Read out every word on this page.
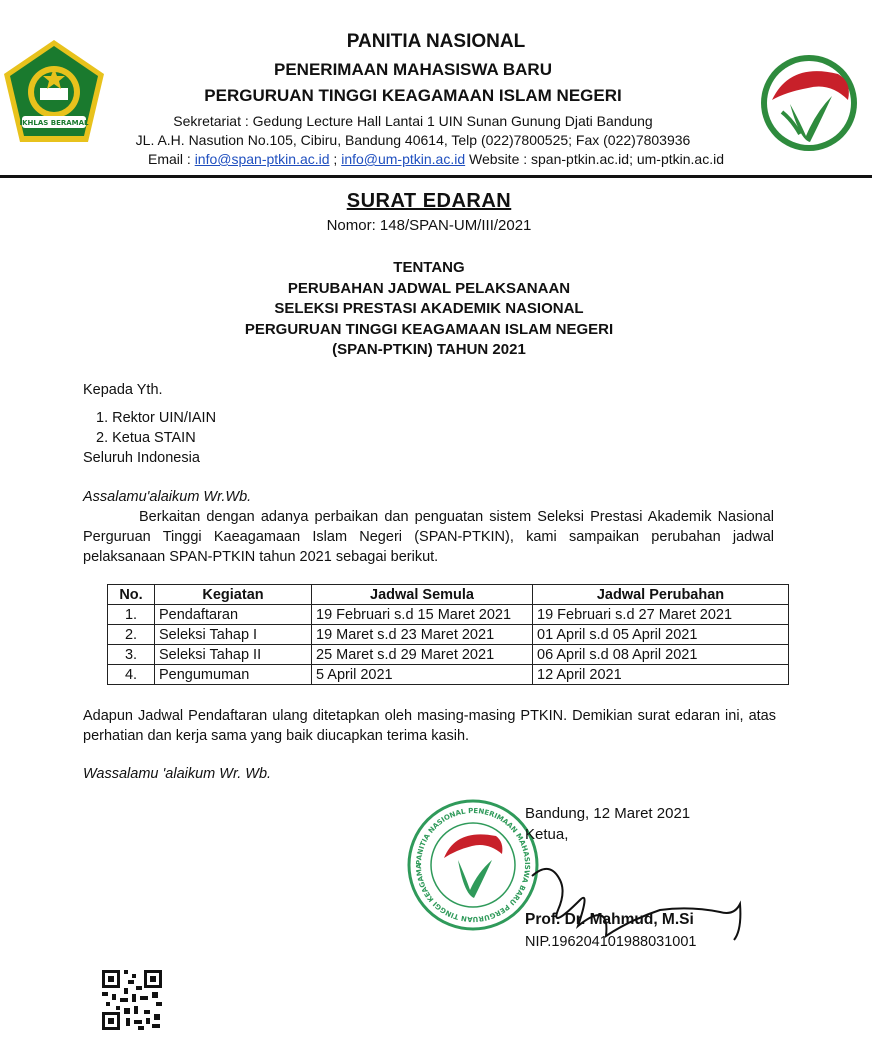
IKHLAS BERAMAL
PANITIA NASIONAL
PENERIMAAN MAHASISWA BARU
PERGURUAN TINGGI KEAGAMAAN ISLAM NEGERI
Sekretariat : Gedung Lecture Hall Lantai 1 UIN Sunan Gunung Djati Bandung
JL. A.H. Nasution No.105, Cibiru, Bandung 40614, Telp (022)7800525; Fax (022)7803936
Email : info@span-ptkin.ac.id ; info@um-ptkin.ac.id Website : span-ptkin.ac.id; um-ptkin.ac.id
SURAT EDARAN
Nomor: 148/SPAN-UM/III/2021
TENTANG
PERUBAHAN JADWAL PELAKSANAAN
SELEKSI PRESTASI AKADEMIK NASIONAL
PERGURUAN TINGGI KEAGAMAAN ISLAM NEGERI
(SPAN-PTKIN) TAHUN 2021
Kepada Yth.
1. Rektor UIN/IAIN
2. Ketua STAIN
Seluruh Indonesia
Assalamu'alaikum Wr.Wb.
Berkaitan dengan adanya perbaikan dan penguatan sistem Seleksi Prestasi Akademik Nasional Perguruan Tinggi Kaeagamaan Islam Negeri (SPAN-PTKIN), kami sampaikan perubahan jadwal pelaksanaan SPAN-PTKIN tahun 2021 sebagai berikut.
No.	Kegiatan	Jadwal Semula	Jadwal Perubahan
1.	Pendaftaran	19 Februari s.d 15 Maret 2021	19 Februari s.d 27 Maret 2021
2.	Seleksi Tahap I	19 Maret s.d 23 Maret 2021	01 April s.d 05 April 2021
3.	Seleksi Tahap II	25 Maret s.d 29 Maret 2021	06 April s.d 08 April 2021
4.	Pengumuman	5 April 2021	12 April 2021
Adapun Jadwal Pendaftaran ulang ditetapkan oleh masing-masing PTKIN. Demikian surat edaran ini, atas perhatian dan kerja sama yang baik diucapkan terima kasih.
Wassalamu 'alaikum Wr. Wb.
PANITIA NASIONAL PENERIMAAN MAHASISWA BARU PERGURUAN TINGGI KEAGAMA
Bandung, 12 Maret 2021
Ketua,
Prof. Dr. Mahmud, M.Si
NIP.196204101988031001
